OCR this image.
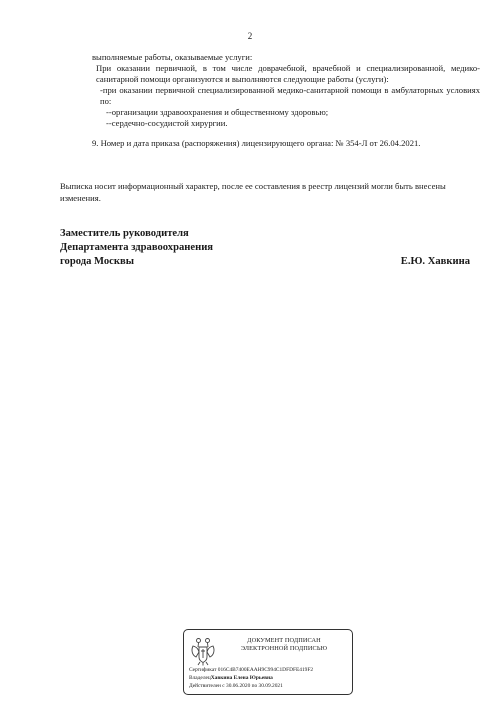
2

выполняемые работы, оказываемые услуги:

При оказании первичной, в том числе доврачебной, врачебной и специализированной, медико-санитарной помощи организуются и выполняются следующие работы (услуги):

-при оказании первичной специализированной медико-санитарной помощи в амбулаторных условиях по:

--организации здравоохранения и общественному здоровью;

--сердечно-сосудистой хирургии.

9. Номер и дата приказа (распоряжения) лицензирующего органа: № 354-Л от 26.04.2021.

Выписка носит информационный характер, после ее составления в реестр лицензий могли быть внесены изменения.

Заместитель руководителя
Департамента здравоохранения
города Москвы	Е.Ю. Хавкина
ДОКУМЕНТ ПОДПИСАН
ЭЛЕКТРОННОЙ ПОДПИСЬЮ
Сертификат 016C4B7400EAAH9C994C1DFDFE419F2
ВладелецХавкина Елена Юрьевна
Действителен с 30.06.2020 по 30.09.2021
